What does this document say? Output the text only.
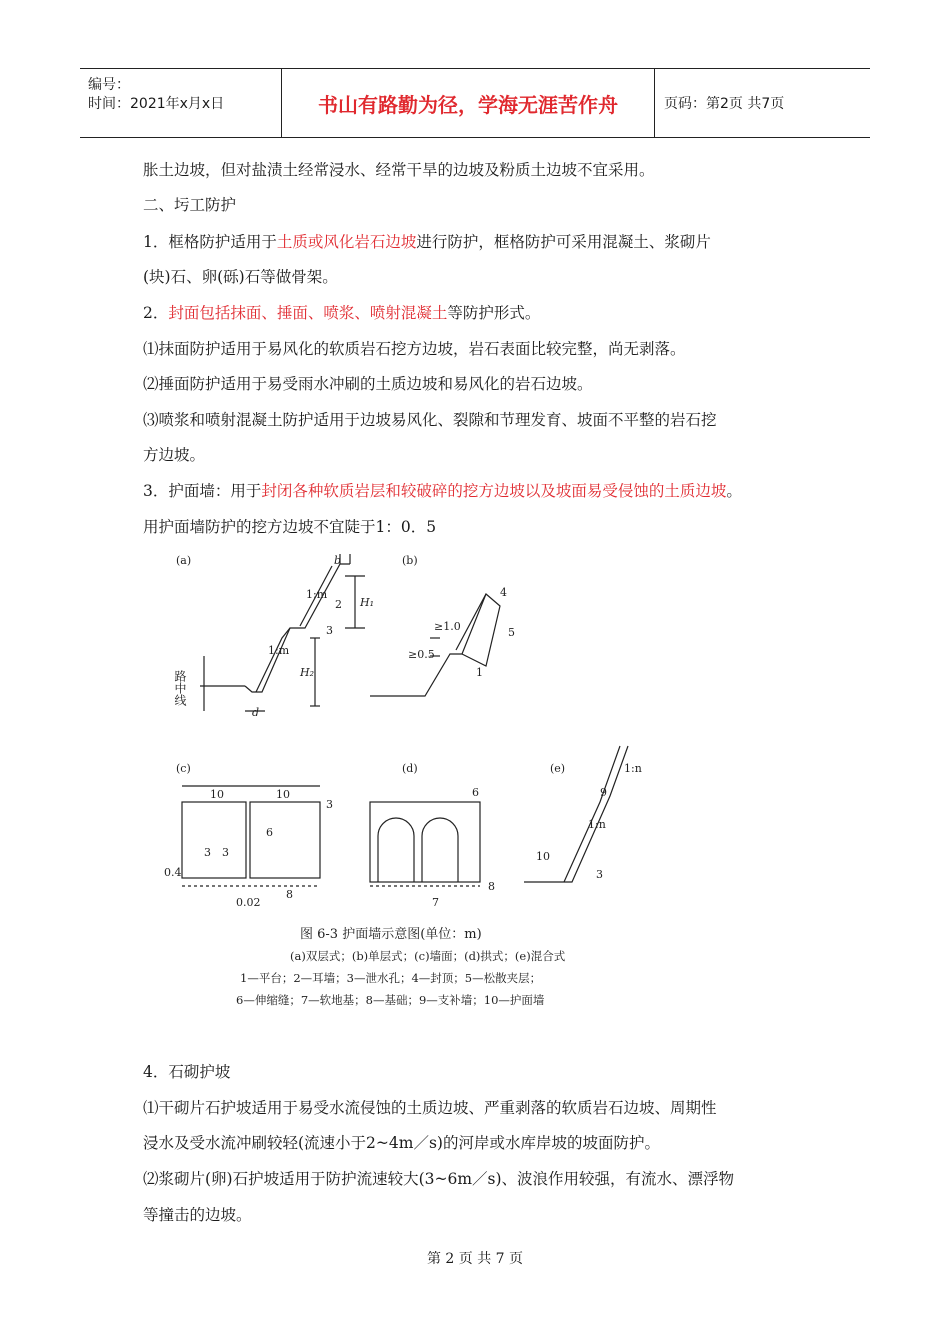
编号：
时间：2021年x月x日	书山有路勤为径，学海无涯苦作舟	页码：第2页 共7页
胀土边坡，但对盐渍土经常浸水、经常干旱的边坡及粉质土边坡不宜采用。
二、圬工防护
1．框格防护适用于土质或风化岩石边坡进行防护，框格防护可采用混凝土、浆砌片
(块)石、卵(砾)石等做骨架。
2．封面包括抹面、捶面、喷浆、喷射混凝土等防护形式。
⑴抹面防护适用于易风化的软质岩石挖方边坡，岩石表面比较完整，尚无剥落。
⑵捶面防护适用于易受雨水冲刷的土质边坡和易风化的岩石边坡。
⑶喷浆和喷射混凝土防护适用于边坡易风化、裂隙和节理发育、坡面不平整的岩石挖
方边坡。
3．护面墙：用于封闭各种软质岩层和较破碎的挖方边坡以及坡面易受侵蚀的土质边坡。
用护面墙防护的挖方边坡不宜陡于1：0．5
(a)	b
1:m
1:m
2
3
H₁
H₂
d
路中线
(b)
4
5
1
≥1.0
≥0.5
(c)
10	10
3 3
0.4
0.02
3
6
8
(d)
6
7
8
(e)	1:n
1:n
9
10
3
图 6-3 护面墙示意图(单位：m)
(a)双层式；(b)单层式；(c)墙面；(d)拱式；(e)混合式
1—平台；2—耳墙；3—泄水孔；4—封顶；5—松散夹层；
6—伸缩缝；7—软地基；8—基础；9—支补墙；10—护面墙
4．石砌护坡
⑴干砌片石护坡适用于易受水流侵蚀的土质边坡、严重剥落的软质岩石边坡、周期性
浸水及受水流冲刷较轻(流速小于2~4m／s)的河岸或水库岸坡的坡面防护。
⑵浆砌片(卵)石护坡适用于防护流速较大(3~6m／s)、波浪作用较强，有流水、漂浮物
等撞击的边坡。
第 2 页 共 7 页
